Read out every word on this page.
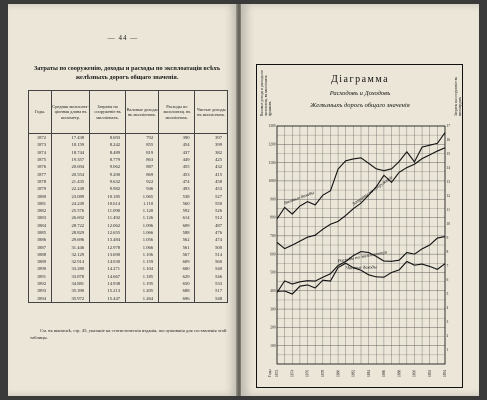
— 44 —
Затраты по сооруженію, доходы и расходы по эксплоатаціи всѣхъ желѣзныхъ дорогъ общаго значенія.
Годы.	Средняя эксплоата-ціонная длина въ километр.	Затраты на сооруженіе въ милліонахъ.	Валовые доходы въ милліонахъ.	Расходы по эксплоатац. въ милліонахъ.	Чистые доходы въ милліонахъ.
1872	17.438	8.693	792	390	397
1873	18.159	8.242	855	454	399
1874	18.744	8.489	819	437	382
1875	19.357	8.779	863	449	425
1876	20.694	9.062	887	455	432
1877	20.554	9.200	869	453	415
1878	21.435	9.632	922	474	458
1879	22.249	9.982	946	493	453
1880	23.089	10.185	1.065	538	527
1881	24.249	10.614	1.110	560	550
1882	25.576	11.090	1.120	592	526
1883	26.692	11.492	1.126	614	512
1884	28.722	12.062	1.096	609	487
1885	28.829	12.655	1.066	588	476
1886	29.696	13.484	1.056	562	474
1887	31.446	12.978	1.066	561	500
1888	32.129	13.690	1.106	567	514
1889	32.914	14.030	1.159	609	560
1890	33.280	14.271	1.104	600	540
1891	33.878	14.667	1.185	629	546
1892	34.881	14.938	1.195	650	533
1893	35.390	15.213	1.205	688	517
1894	35.972	15.447	1.264	696	548
См. въ выпискѣ, стр. 45, указаніе на статистическія изданія, послужившія для составленія этой таблицы.
Валовые доходы и расходы по эксплоатац. въ милліонахъ франковъ	Затраты на сооруженіе въ милліардахъ
Діаграмма
Расходовъ и Доходовъ
Желѣзныхъ дорогъ общаго значенія
1300
1200
1100
1000
900
800
700
600
500
400
300
200
100
17
16
15
14
13
12
11
10
9
8
7
6
5
4
3
2
1
1872	1874	1876	1878	1880	1882	1884	1886	1888	1890	1892	1894
Годы
Затраты на сооруженіе
Валовые доходы
Расходы по эксплоатаціи
Чистые доходы
